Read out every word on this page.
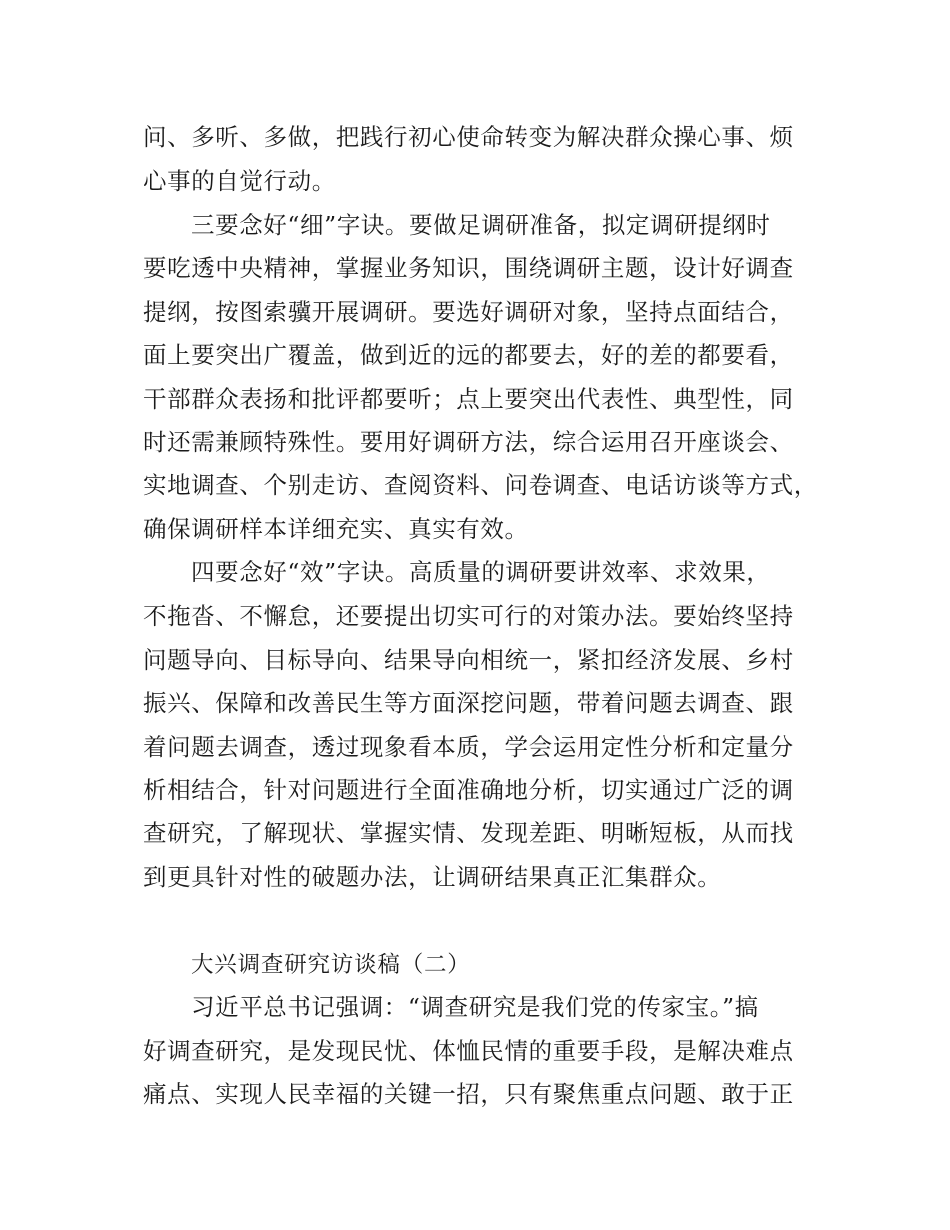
问、多听、多做，把践行初心使命转变为解决群众操心事、烦
心事的自觉行动。
三要念好“细”字诀。要做足调研准备，拟定调研提纲时
要吃透中央精神，掌握业务知识，围绕调研主题，设计好调查
提纲，按图索骥开展调研。要选好调研对象，坚持点面结合，
面上要突出广覆盖，做到近的远的都要去，好的差的都要看，
干部群众表扬和批评都要听；点上要突出代表性、典型性，同
时还需兼顾特殊性。要用好调研方法，综合运用召开座谈会、
实地调查、个别走访、查阅资料、问卷调查、电话访谈等方式，
确保调研样本详细充实、真实有效。
四要念好“效”字诀。高质量的调研要讲效率、求效果，
不拖沓、不懈怠，还要提出切实可行的对策办法。要始终坚持
问题导向、目标导向、结果导向相统一，紧扣经济发展、乡村
振兴、保障和改善民生等方面深挖问题，带着问题去调查、跟
着问题去调查，透过现象看本质，学会运用定性分析和定量分
析相结合，针对问题进行全面准确地分析，切实通过广泛的调
查研究，了解现状、掌握实情、发现差距、明晰短板，从而找
到更具针对性的破题办法，让调研结果真正汇集群众。
大兴调查研究访谈稿（二）
习近平总书记强调：“调查研究是我们党的传家宝。”搞
好调查研究，是发现民忧、体恤民情的重要手段，是解决难点
痛点、实现人民幸福的关键一招，只有聚焦重点问题、敢于正
